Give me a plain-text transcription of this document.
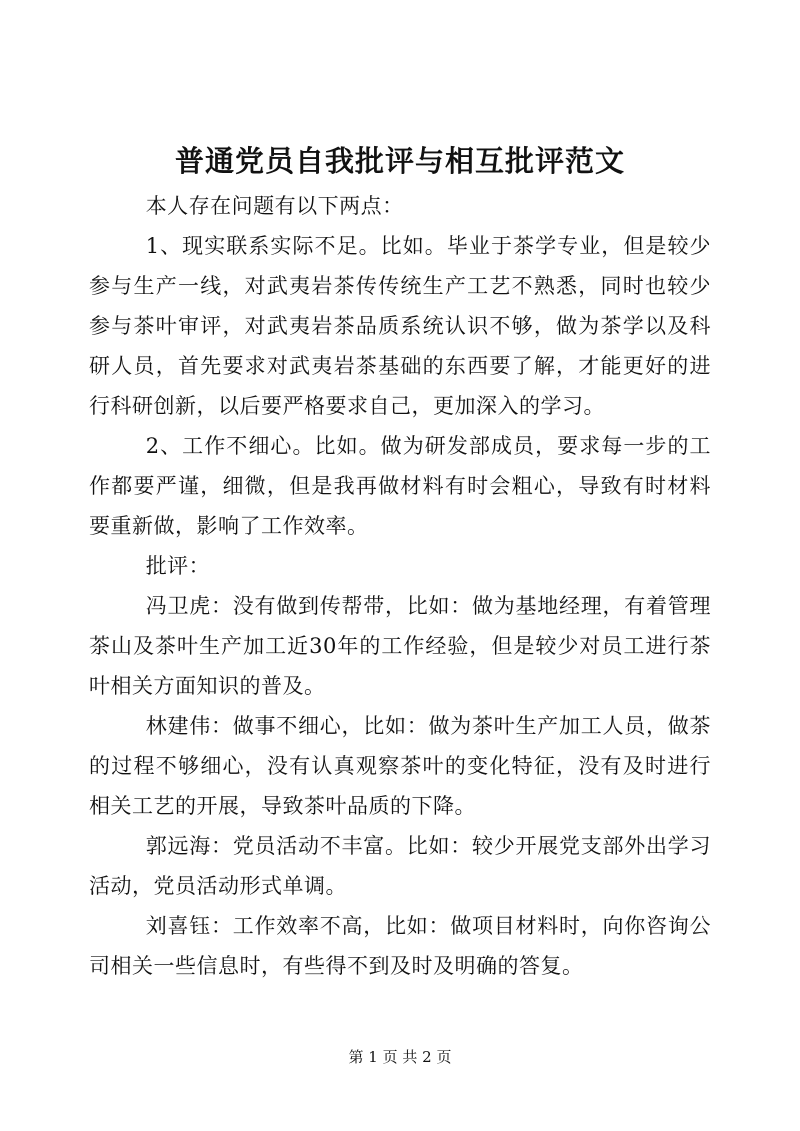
普通党员自我批评与相互批评范文

本人存在问题有以下两点：

1、现实联系实际不足。比如。毕业于茶学专业，但是较少参与生产一线，对武夷岩茶传传统生产工艺不熟悉，同时也较少参与茶叶审评，对武夷岩茶品质系统认识不够，做为茶学以及科研人员，首先要求对武夷岩茶基础的东西要了解，才能更好的进行科研创新，以后要严格要求自己，更加深入的学习。

2、工作不细心。比如。做为研发部成员，要求每一步的工作都要严谨，细微，但是我再做材料有时会粗心，导致有时材料要重新做，影响了工作效率。

批评：

冯卫虎：没有做到传帮带，比如：做为基地经理，有着管理茶山及茶叶生产加工近30年的工作经验，但是较少对员工进行茶叶相关方面知识的普及。

林建伟：做事不细心，比如：做为茶叶生产加工人员，做茶的过程不够细心，没有认真观察茶叶的变化特征，没有及时进行相关工艺的开展，导致茶叶品质的下降。

郭远海：党员活动不丰富。比如：较少开展党支部外出学习活动，党员活动形式单调。

刘喜钰：工作效率不高，比如：做项目材料时，向你咨询公司相关一些信息时，有些得不到及时及明确的答复。

第 1 页 共 2 页
